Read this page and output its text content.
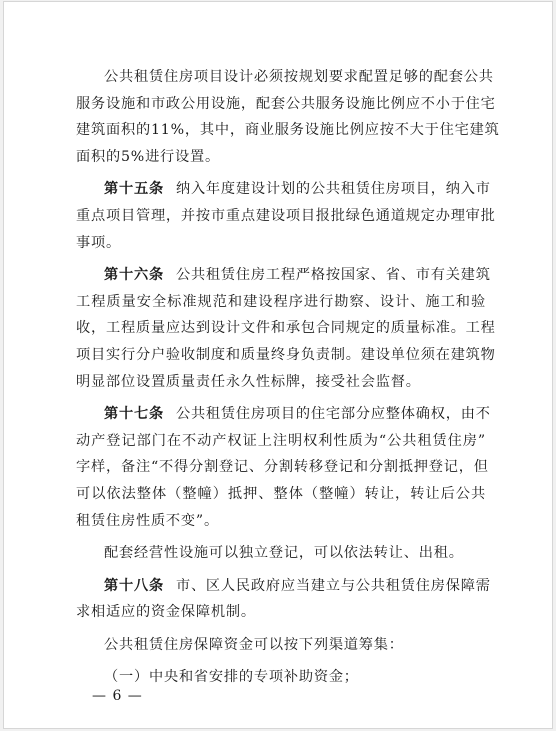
公共租赁住房项目设计必须按规划要求配置足够的配套公共
服务设施和市政公用设施，配套公共服务设施比例应不小于住宅
建筑面积的11%，其中，商业服务设施比例应按不大于住宅建筑
面积的5%进行设置。
第十五条 纳入年度建设计划的公共租赁住房项目，纳入市
重点项目管理，并按市重点建设项目报批绿色通道规定办理审批
事项。
第十六条 公共租赁住房工程严格按国家、省、市有关建筑
工程质量安全标准规范和建设程序进行勘察、设计、施工和验
收，工程质量应达到设计文件和承包合同规定的质量标准。工程
项目实行分户验收制度和质量终身负责制。建设单位须在建筑物
明显部位设置质量责任永久性标牌，接受社会监督。
第十七条 公共租赁住房项目的住宅部分应整体确权，由不
动产登记部门在不动产权证上注明权利性质为“公共租赁住房”
字样，备注“不得分割登记、分割转移登记和分割抵押登记，但
可以依法整体（整幢）抵押、整体（整幢）转让，转让后公共
租赁住房性质不变”。
配套经营性设施可以独立登记，可以依法转让、出租。
第十八条 市、区人民政府应当建立与公共租赁住房保障需
求相适应的资金保障机制。
公共租赁住房保障资金可以按下列渠道筹集：
（一）中央和省安排的专项补助资金；
— 6 —
